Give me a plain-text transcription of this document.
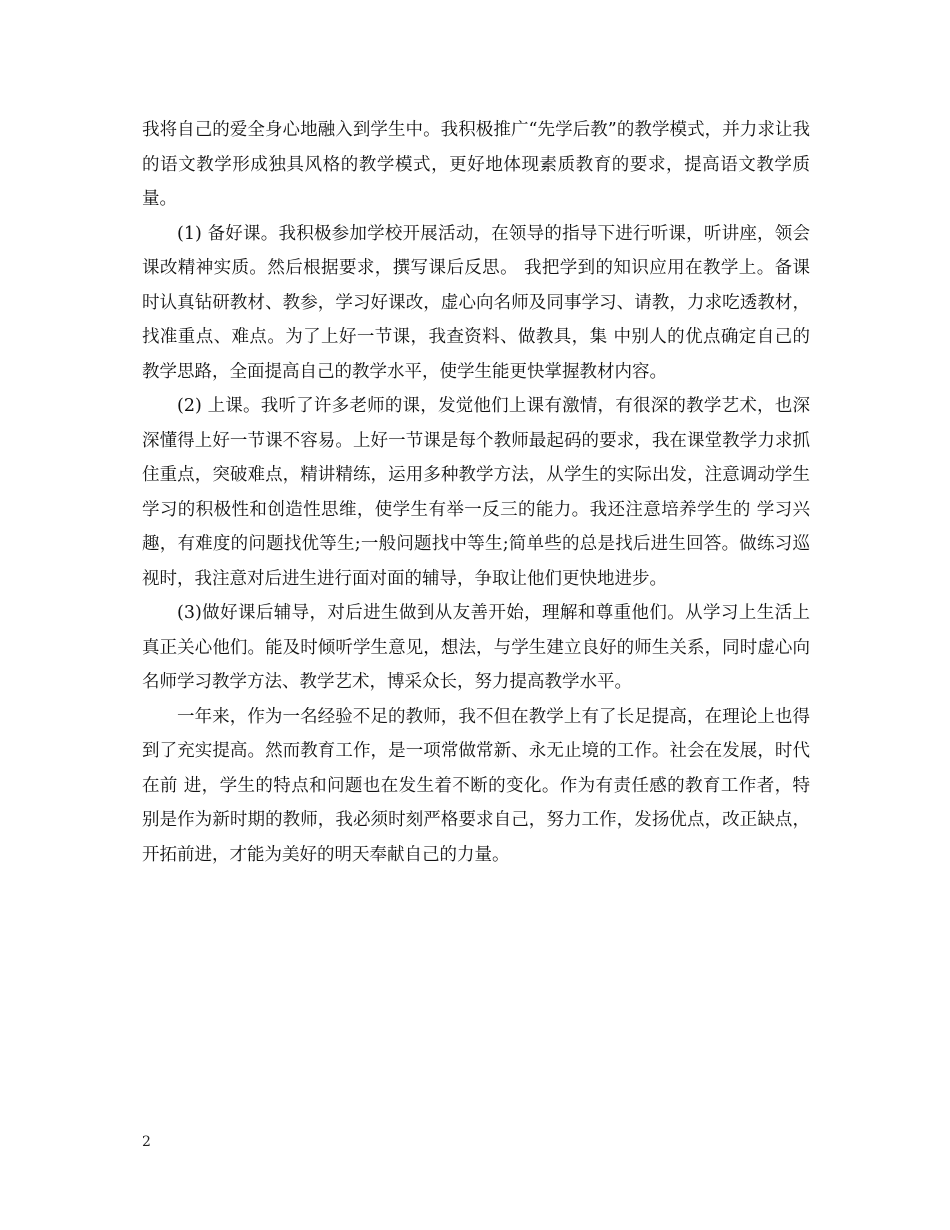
我将自己的爱全身心地融入到学生中。我积极推广“先学后教”的教学模式，并力求让我的语文教学形成独具风格的教学模式，更好地体现素质教育的要求，提高语文教学质量。

(1) 备好课。我积极参加学校开展活动，在领导的指导下进行听课，听讲座，领会课改精神实质。然后根据要求，撰写课后反思。 我把学到的知识应用在教学上。备课时认真钻研教材、教参，学习好课改，虚心向名师及同事学习、请教，力求吃透教材，找准重点、难点。为了上好一节课，我查资料、做教具，集 中别人的优点确定自己的教学思路，全面提高自己的教学水平，使学生能更快掌握教材内容。

(2) 上课。我听了许多老师的课，发觉他们上课有激情，有很深的教学艺术，也深深懂得上好一节课不容易。上好一节课是每个教师最起码的要求，我在课堂教学力求抓 住重点，突破难点，精讲精练，运用多种教学方法，从学生的实际出发，注意调动学生学习的积极性和创造性思维，使学生有举一反三的能力。我还注意培养学生的 学习兴趣，有难度的问题找优等生;一般问题找中等生;简单些的总是找后进生回答。做练习巡视时，我注意对后进生进行面对面的辅导，争取让他们更快地进步。

(3)做好课后辅导，对后进生做到从友善开始，理解和尊重他们。从学习上生活上真正关心他们。能及时倾听学生意见，想法，与学生建立良好的师生关系，同时虚心向名师学习教学方法、教学艺术，博采众长，努力提高教学水平。

一年来，作为一名经验不足的教师，我不但在教学上有了长足提高，在理论上也得到了充实提高。然而教育工作，是一项常做常新、永无止境的工作。社会在发展，时代在前 进，学生的特点和问题也在发生着不断的变化。作为有责任感的教育工作者，特别是作为新时期的教师，我必须时刻严格要求自己，努力工作，发扬优点，改正缺点，开拓前进，才能为美好的明天奉献自己的力量。

2
